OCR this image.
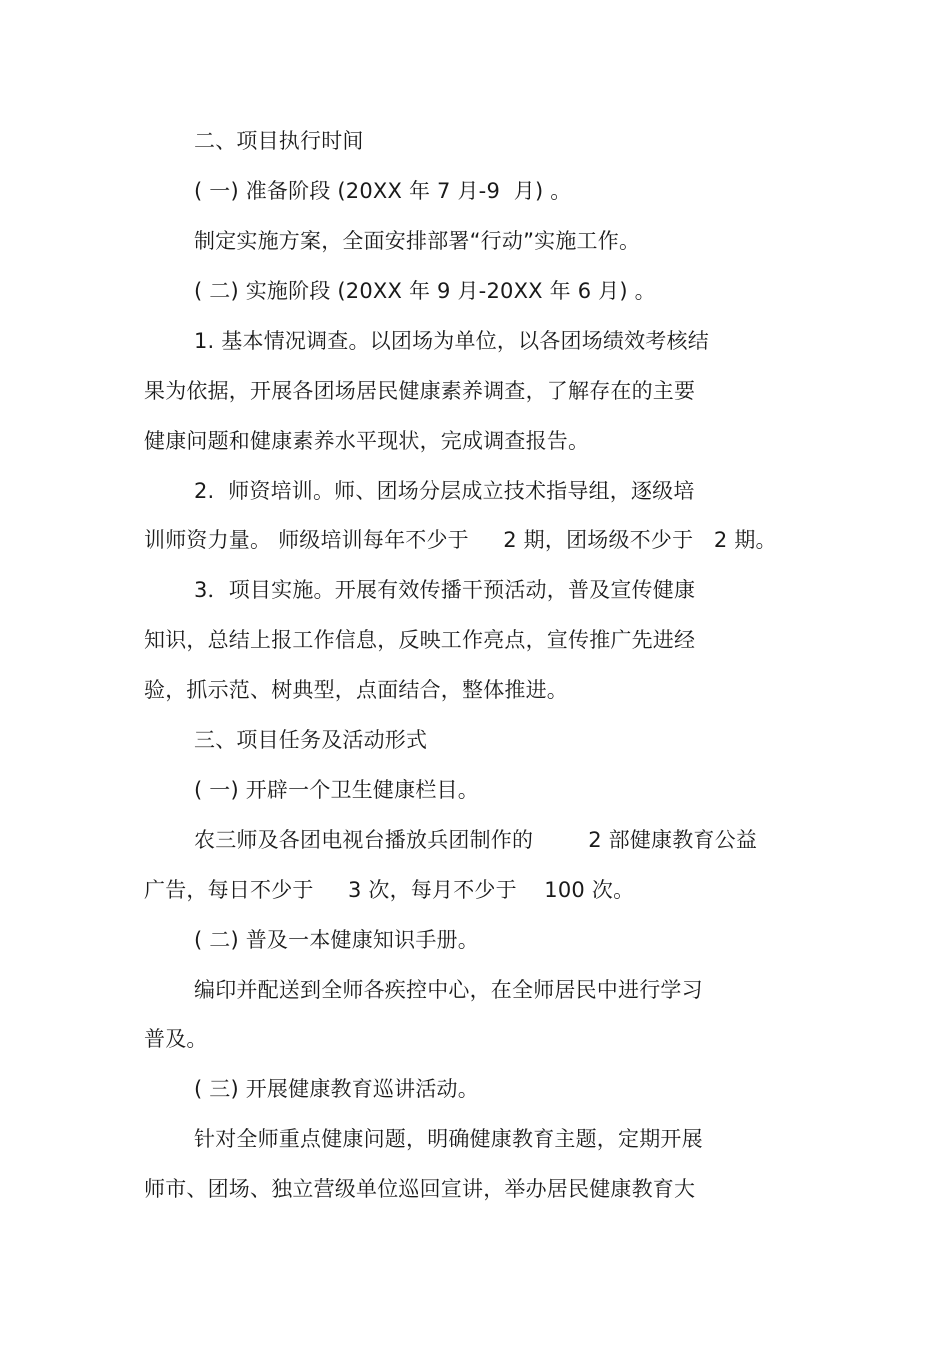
二、项目执行时间
( 一) 准备阶段 (20XX 年 7 月-9  月) 。
制定实施方案，全面安排部署“行动”实施工作。
( 二) 实施阶段 (20XX 年 9 月-20XX 年 6 月) 。
1. 基本情况调查。以团场为单位，以各团场绩效考核结
果为依据，开展各团场居民健康素养调查，了解存在的主要
健康问题和健康素养水平现状，完成调查报告。
2.  师资培训。师、团场分层成立技术指导组，逐级培
训师资力量。 师级培训每年不少于     2 期，团场级不少于   2 期。
3．项目实施。开展有效传播干预活动，普及宣传健康
知识，总结上报工作信息，反映工作亮点，宣传推广先进经
验，抓示范、树典型，点面结合，整体推进。
三、项目任务及活动形式
( 一) 开辟一个卫生健康栏目。
农三师及各团电视台播放兵团制作的        2 部健康教育公益
广告，每日不少于     3 次，每月不少于    100 次。
( 二) 普及一本健康知识手册。
编印并配送到全师各疾控中心，在全师居民中进行学习
普及。
( 三) 开展健康教育巡讲活动。
针对全师重点健康问题，明确健康教育主题，定期开展
师市、团场、独立营级单位巡回宣讲，举办居民健康教育大
